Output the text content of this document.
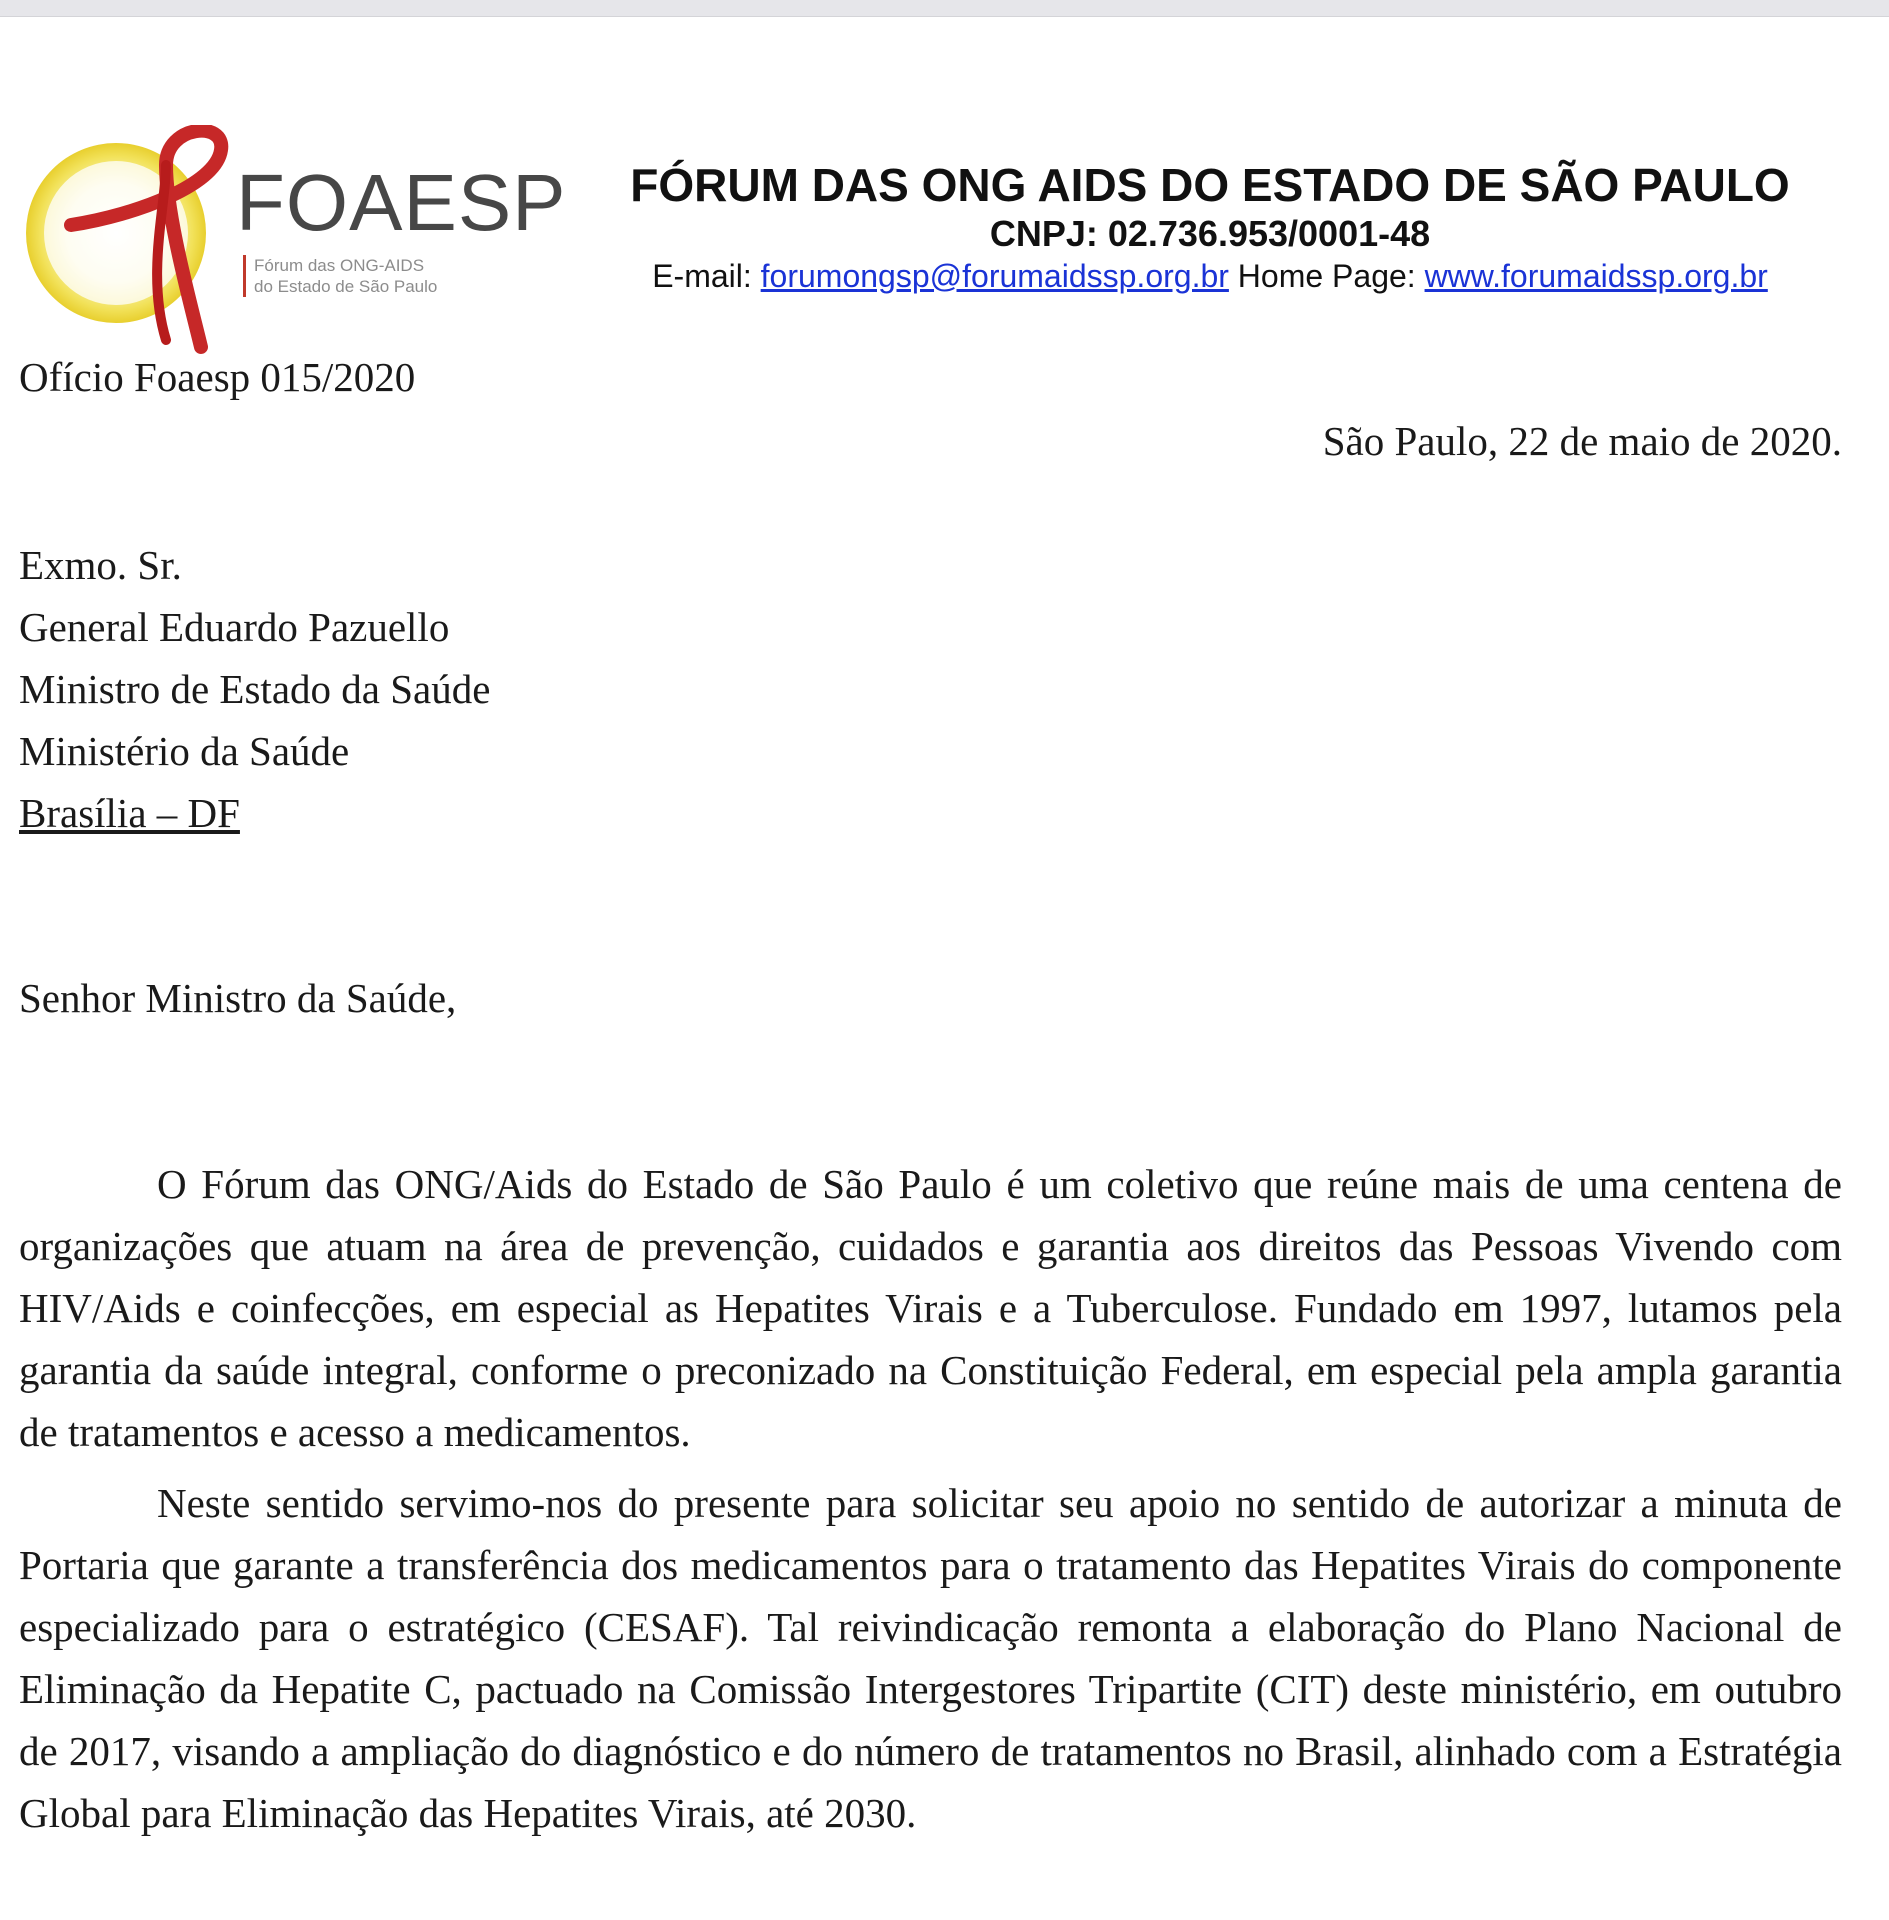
FOAESP
Fórum das ONG-AIDS
do Estado de São Paulo
FÓRUM DAS ONG AIDS DO ESTADO DE SÃO PAULO
CNPJ: 02.736.953/0001-48
E-mail: forumongsp@forumaidssp.org.br Home Page: www.forumaidssp.org.br
Ofício Foaesp 015/2020
São Paulo, 22 de maio de 2020.
Exmo. Sr.
General Eduardo Pazuello
Ministro de Estado da Saúde
Ministério da Saúde
Brasília – DF
Senhor Ministro da Saúde,

O Fórum das ONG/Aids do Estado de São Paulo é um coletivo que reúne mais de uma centena de organizações que atuam na área de prevenção, cuidados e garantia aos direitos das Pessoas Vivendo com HIV/Aids e coinfecções, em especial as Hepatites Virais e a Tuberculose. Fundado em 1997, lutamos pela garantia da saúde integral, conforme o preconizado na Constituição Federal, em especial pela ampla garantia de tratamentos e acesso a medicamentos.

Neste sentido servimo-nos do presente para solicitar seu apoio no sentido de autorizar a minuta de Portaria que garante a transferência dos medicamentos para o tratamento das Hepatites Virais do componente especializado para o estratégico (CESAF). Tal reivindicação remonta a elaboração do Plano Nacional de Eliminação da Hepatite C, pactuado na Comissão Intergestores Tripartite (CIT) deste ministério, em outubro de 2017, visando a ampliação do diagnóstico e do número de tratamentos no Brasil, alinhado com a Estratégia Global para Eliminação das Hepatites Virais, até 2030.
